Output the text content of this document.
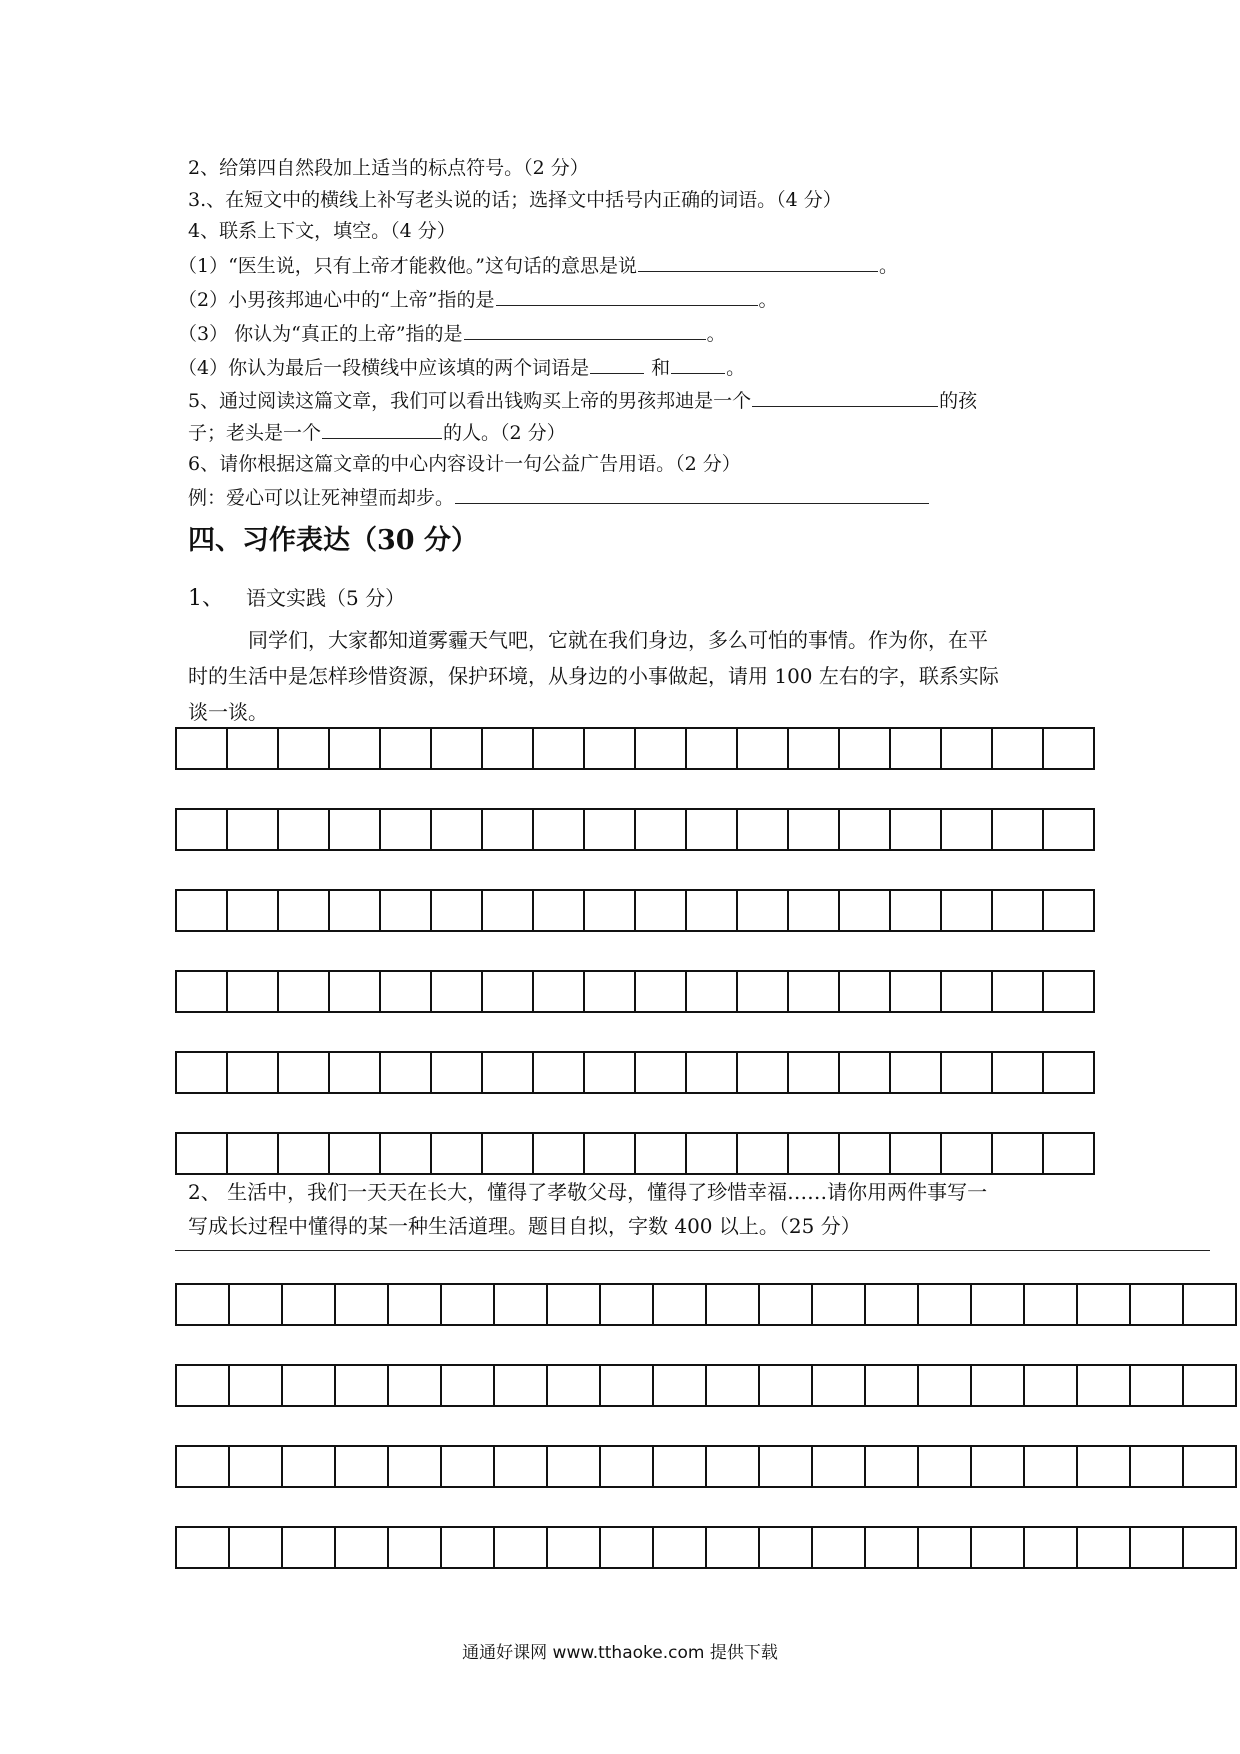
2、给第四自然段加上适当的标点符号。（2 分）
3.、在短文中的横线上补写老头说的话；选择文中括号内正确的词语。（4 分）
4、联系上下文，填空。（4 分）
（1）“医生说，只有上帝才能救他。”这句话的意思是说	。
（2）小男孩邦迪心中的“上帝”指的是	。
（3） 你认为“真正的上帝”指的是	。
（4）你认为最后一段横线中应该填的两个词语是	和	。
5、通过阅读这篇文章，我们可以看出钱购买上帝的男孩邦迪是一个	的孩
子；老头是一个	的人。（2 分）
6、请你根据这篇文章的中心内容设计一句公益广告用语。（2 分）
例：爱心可以让死神望而却步。
四、习作表达（30 分）
1、 语文实践（5 分）
同学们，大家都知道雾霾天气吧，它就在我们身边，多么可怕的事情。作为你，在平
时的生活中是怎样珍惜资源，保护环境，从身边的小事做起，请用 100 左右的字，联系实际
谈一谈。
2、 生活中，我们一天天在长大，懂得了孝敬父母，懂得了珍惜幸福……请你用两件事写一
写成长过程中懂得的某一种生活道理。题目自拟，字数 400 以上。（25 分）
通通好课网 www.tthaoke.com 提供下载
